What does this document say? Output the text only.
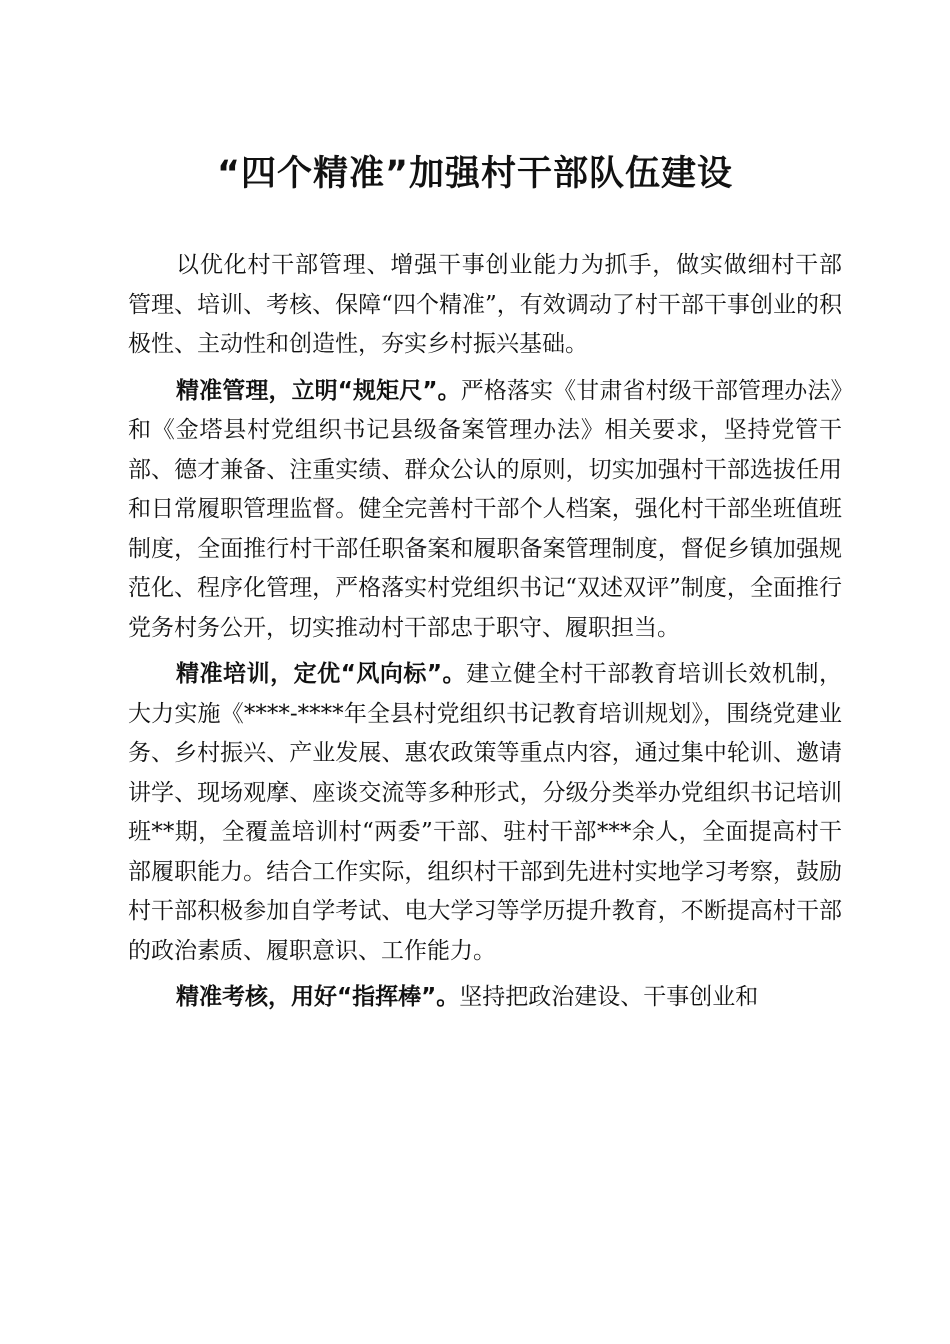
“四个精准”加强村干部队伍建设

以优化村干部管理、增强干事创业能力为抓手，做实做细村干部管理、培训、考核、保障“四个精准”，有效调动了村干部干事创业的积极性、主动性和创造性，夯实乡村振兴基础。

精准管理，立明“规矩尺”。严格落实《甘肃省村级干部管理办法》和《金塔县村党组织书记县级备案管理办法》相关要求，坚持党管干部、德才兼备、注重实绩、群众公认的原则，切实加强村干部选拔任用和日常履职管理监督。健全完善村干部个人档案，强化村干部坐班值班制度，全面推行村干部任职备案和履职备案管理制度，督促乡镇加强规范化、程序化管理，严格落实村党组织书记“双述双评”制度，全面推行党务村务公开，切实推动村干部忠于职守、履职担当。

精准培训，定优“风向标”。建立健全村干部教育培训长效机制，大力实施《****-****年全县村党组织书记教育培训规划》，围绕党建业务、乡村振兴、产业发展、惠农政策等重点内容，通过集中轮训、邀请讲学、现场观摩、座谈交流等多种形式，分级分类举办党组织书记培训班**期，全覆盖培训村“两委”干部、驻村干部***余人，全面提高村干部履职能力。结合工作实际，组织村干部到先进村实地学习考察，鼓励村干部积极参加自学考试、电大学习等学历提升教育，不断提高村干部的政治素质、履职意识、工作能力。

精准考核，用好“指挥棒”。坚持把政治建设、干事创业和
